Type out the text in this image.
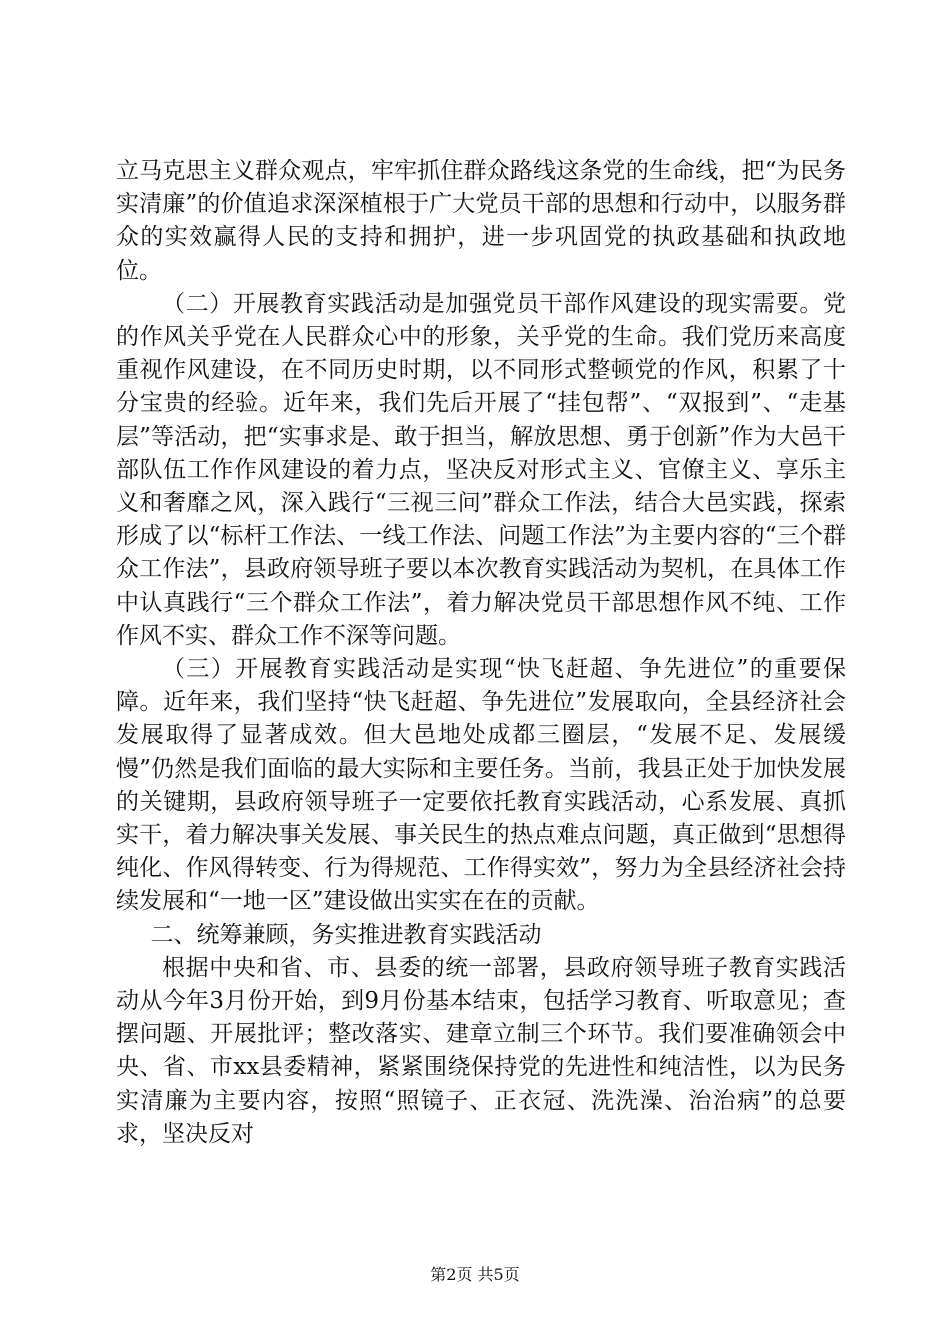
立马克思主义群众观点，牢牢抓住群众路线这条党的生命线，把“为民务实清廉”的价值追求深深植根于广大党员干部的思想和行动中，以服务群众的实效赢得人民的支持和拥护，进一步巩固党的执政基础和执政地位。

（二）开展教育实践活动是加强党员干部作风建设的现实需要。党的作风关乎党在人民群众心中的形象，关乎党的生命。我们党历来高度重视作风建设，在不同历史时期，以不同形式整顿党的作风，积累了十分宝贵的经验。近年来，我们先后开展了“挂包帮”、“双报到”、“走基层”等活动，把“实事求是、敢于担当，解放思想、勇于创新”作为大邑干部队伍工作作风建设的着力点，坚决反对形式主义、官僚主义、享乐主义和奢靡之风，深入践行“三视三问”群众工作法，结合大邑实践，探索形成了以“标杆工作法、一线工作法、问题工作法”为主要内容的“三个群众工作法”，县政府领导班子要以本次教育实践活动为契机，在具体工作中认真践行“三个群众工作法”，着力解决党员干部思想作风不纯、工作作风不实、群众工作不深等问题。

（三）开展教育实践活动是实现“快飞赶超、争先进位”的重要保障。近年来，我们坚持“快飞赶超、争先进位”发展取向，全县经济社会发展取得了显著成效。但大邑地处成都三圈层，“发展不足、发展缓慢”仍然是我们面临的最大实际和主要任务。当前，我县正处于加快发展的关键期，县政府领导班子一定要依托教育实践活动，心系发展、真抓实干，着力解决事关发展、事关民生的热点难点问题，真正做到“思想得纯化、作风得转变、行为得规范、工作得实效”，努力为全县经济社会持续发展和“一地一区”建设做出实实在在的贡献。

二、统筹兼顾，务实推进教育实践活动

根据中央和省、市、县委的统一部署，县政府领导班子教育实践活动从今年3月份开始，到9月份基本结束，包括学习教育、听取意见；查摆问题、开展批评；整改落实、建章立制三个环节。我们要准确领会中央、省、市xx县委精神，紧紧围绕保持党的先进性和纯洁性，以为民务实清廉为主要内容，按照“照镜子、正衣冠、洗洗澡、治治病”的总要求，坚决反对

第2页 共5页
